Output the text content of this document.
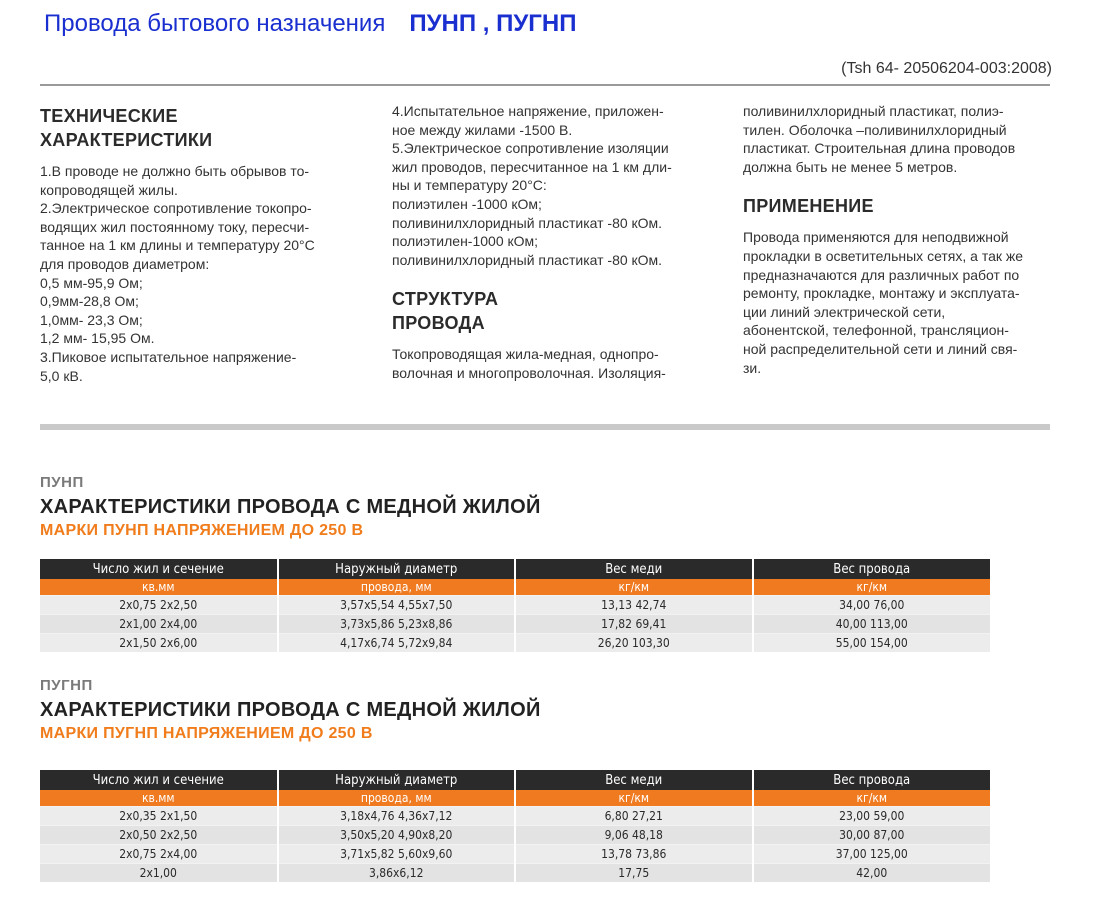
Провода бытового назначения ПУНП , ПУГНП
(Tsh 64- 20506204-003:2008)
ТЕХНИЧЕСКИЕ
ХАРАКТЕРИСТИКИ

1.В проводе не должно быть обрывов то-
копроводящей жилы.
2.Электрическое сопротивление токопро-
водящих жил постоянному току, пересчи-
танное на 1 км длины и температуру 20°С
для проводов диаметром:
0,5 мм-95,9 Ом;
0,9мм-28,8 Ом;
1,0мм- 23,3 Ом;
1,2 мм- 15,95 Ом.
3.Пиковое испытательное напряжение-
5,0 кВ.

4.Испытательное напряжение, приложен-
ное между жилами -1500 В.
5.Электрическое сопротивление изоляции
жил проводов, пересчитанное на 1 км дли-
ны и температуру 20°С:
полиэтилен -1000 кОм;
поливинилхлоридный пластикат -80 кОм.
полиэтилен-1000 кОм;
поливинилхлоридный пластикат -80 кОм.

СТРУКТУРА
ПРОВОДА

Токопроводящая жила-медная, однопро-
волочная и многопроволочная. Изоляция-

поливинилхлоридный пластикат, полиэ-
тилен. Оболочка –поливинилхлоридный
пластикат. Строительная длина проводов
должна быть не менее 5 метров.

ПРИМЕНЕНИЕ

Провода применяются для неподвижной
прокладки в осветительных сетях, а так же
предназначаются для различных работ по
ремонту, прокладке, монтажу и эксплуата-
ции линий электрической сети,
абонентской, телефонной, трансляцион-
ной распределительной сети и линий свя-
зи.

ПУНП
ХАРАКТЕРИСТИКИ ПРОВОДА С МЕДНОЙ ЖИЛОЙ
МАРКИ ПУНП НАПРЯЖЕНИЕМ ДО 250 В
Число жил и сечение	Наружный диаметр	Вес меди	Вес провода
кв.мм	провода, мм	кг/км	кг/км
2х0,75 2х2,50	3,57х5,54 4,55х7,50	13,13 42,74	34,00 76,00
2х1,00 2х4,00	3,73х5,86 5,23х8,86	17,82 69,41	40,00 113,00
2х1,50 2х6,00	4,17х6,74 5,72х9,84	26,20 103,30	55,00 154,00
ПУГНП
ХАРАКТЕРИСТИКИ ПРОВОДА С МЕДНОЙ ЖИЛОЙ
МАРКИ ПУГНП НАПРЯЖЕНИЕМ ДО 250 В
Число жил и сечение	Наружный диаметр	Вес меди	Вес провода
кв.мм	провода, мм	кг/км	кг/км
2х0,35 2х1,50	3,18х4,76 4,36х7,12	6,80 27,21	23,00 59,00
2х0,50 2х2,50	3,50х5,20 4,90х8,20	9,06 48,18	30,00 87,00
2х0,75 2х4,00	3,71х5,82 5,60х9,60	13,78 73,86	37,00 125,00
2х1,00	3,86х6,12	17,75	42,00
